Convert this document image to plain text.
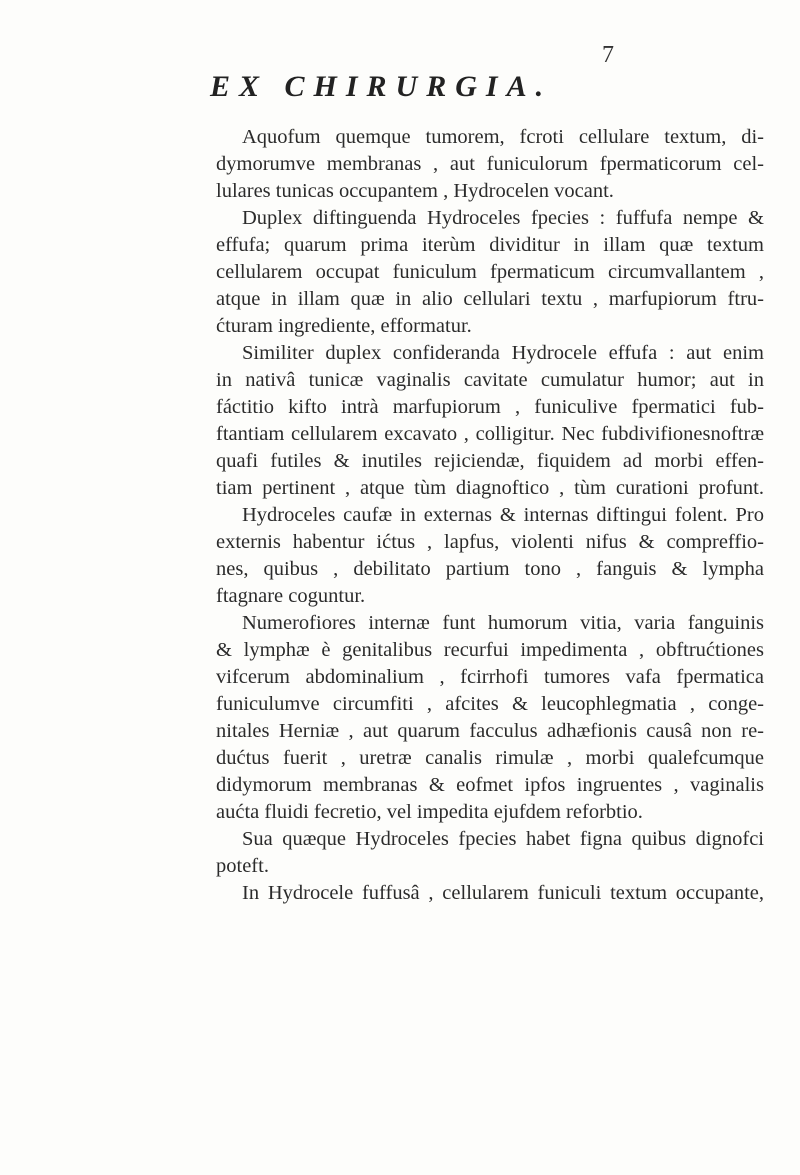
7
EX CHIRURGIA.
Aquofum quemque tumorem, fcroti cellulare textum, di-
dymorumve membranas , aut funiculorum fpermaticorum cel-
lulares tunicas occupantem , Hydrocelen vocant.
Duplex diftinguenda Hydroceles fpecies : fuffufa nempe &
effufa; quarum prima iterùm dividitur in illam quæ textum
cellularem occupat funiculum fpermaticum circumvallantem ,
atque in illam quæ in alio cellulari textu , marfupiorum ftru-
ćturam ingrediente, efformatur.
Similiter duplex confideranda Hydrocele effufa : aut enim
in nativâ tunicæ vaginalis cavitate cumulatur humor; aut in
fáctitio kifto intrà marfupiorum , funiculive fpermatici fub-
ftantiam cellularem excavato , colligitur. Nec fubdivifionesnoftræ
quafi futiles & inutiles rejiciendæ, fiquidem ad morbi effen-
tiam pertinent , atque tùm diagnoftico , tùm curationi profunt.
Hydroceles caufæ in externas & internas diftingui folent. Pro
externis habentur ićtus , lapfus, violenti nifus & compreffio-
nes, quibus , debilitato partium tono , fanguis & lympha
ftagnare coguntur.
Numerofiores internæ funt humorum vitia, varia fanguinis
& lymphæ è genitalibus recurfui impedimenta , obftrućtiones
vifcerum abdominalium , fcirrhofi tumores vafa fpermatica
funiculumve circumfiti , afcites & leucophlegmatia , conge-
nitales Herniæ , aut quarum facculus adhæfionis causâ non re-
dućtus fuerit , uretræ canalis rimulæ , morbi qualefcumque
didymorum membranas & eofmet ipfos ingruentes , vaginalis
aućta fluidi fecretio, vel impedita ejufdem reforbtio.
Sua quæque Hydroceles fpecies habet figna quibus dignofci
poteft.
In Hydrocele fuffusâ , cellularem funiculi textum occupante,
